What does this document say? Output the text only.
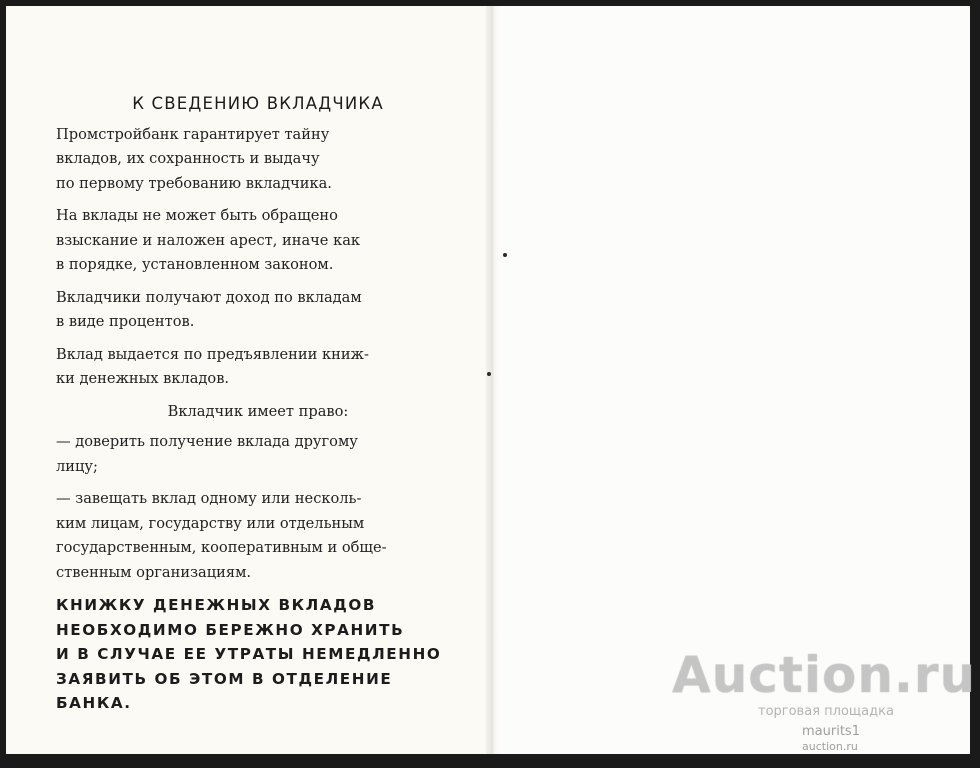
К СВЕДЕНИЮ ВКЛАДЧИКА
Промстройбанк гарантирует тайну
вкладов, их сохранность и выдачу
по первому требованию вкладчика.
На вклады не может быть обращено
взыскание и наложен арест, иначе как
в порядке, установленном законом.
Вкладчики получают доход по вкладам
в виде процентов.
Вклад выдается по предъявлении книж-
ки денежных вкладов.
Вкладчик имеет право:
— доверить получение вклада другому
лицу;
— завещать вклад одному или несколь-
ким лицам, государству или отдельным
государственным, кооперативным и обще-
ственным организациям.
КНИЖКУ ДЕНЕЖНЫХ ВКЛАДОВ
НЕОБХОДИМО БЕРЕЖНО ХРАНИТЬ
И В СЛУЧАЕ ЕЕ УТРАТЫ НЕМЕДЛЕННО
ЗАЯВИТЬ ОБ ЭТОМ В ОТДЕЛЕНИЕ
БАНКА.	Auction.ru
торговая площадка
maurits1
auction.ru
